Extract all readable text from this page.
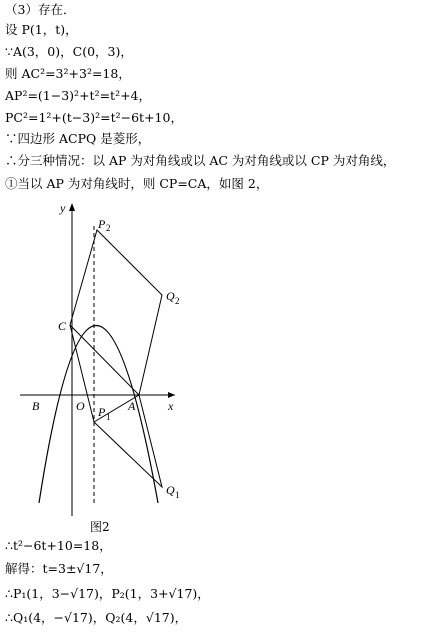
（3）存在．
设 P(1，t)，
∵A(3，0)，C(0，3)，
则 AC²=3²+3²=18，
AP²=(1−3)²+t²=t²+4，
PC²=1²+(t−3)²=t²−6t+10，
∵四边形 ACPQ 是菱形，
∴分三种情况：以 AP 为对角线或以 AC 为对角线或以 CP 为对角线，
①当以 AP 为对角线时，则 CP=CA，如图 2，
y
x
P 2
Q 2
C
B	O	A
P 1
Q 1
图2
∴t²−6t+10=18，
解得：t=3±√17，
∴P₁(1，3−√17)，P₂(1，3+√17)，
∴Q₁(4，−√17)，Q₂(4，√17)，
